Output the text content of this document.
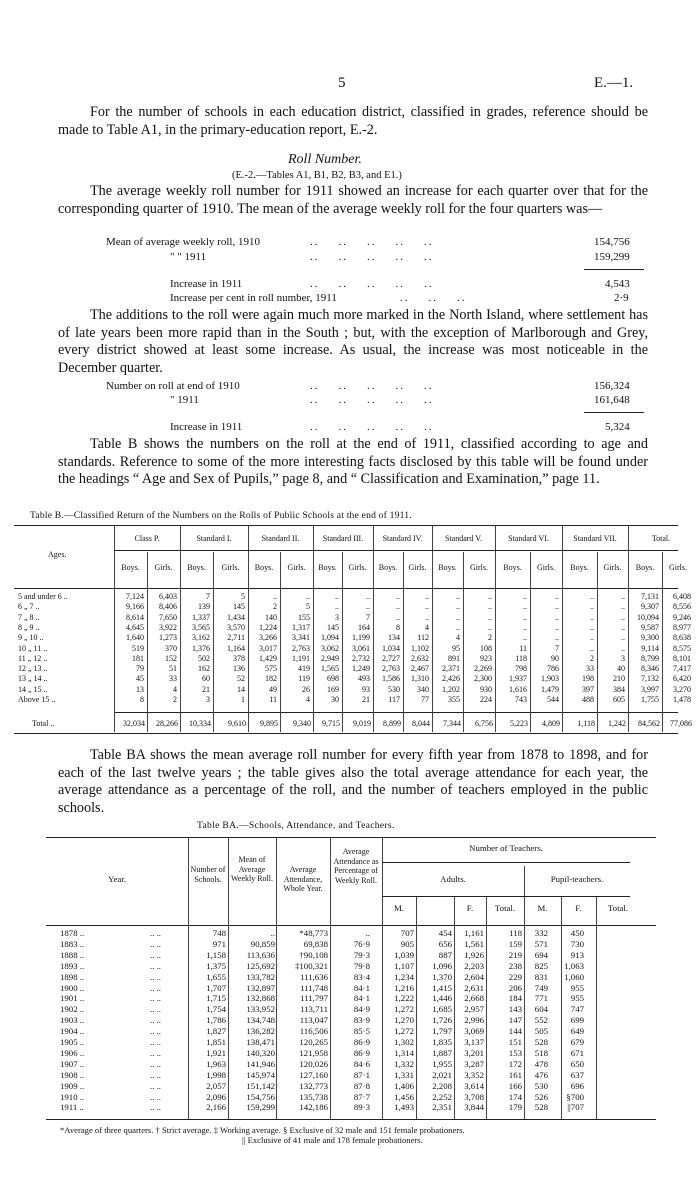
5	E.—1.
For the number of schools in each education district, classified in grades, reference should be made to Table A1, in the primary-education report, E.-2.
Roll Number.
(E.-2.—Tables A1, B1, B2, B3, and E1.)
The average weekly roll number for 1911 showed an increase for each quarter over that for the corresponding quarter of 1910. The mean of the average weekly roll for the four quarters was—
Mean of average weekly roll, 1910	..    ..    ..    ..    ..	154,756
" " 1911	..    ..    ..    ..    ..	159,299
Increase in 1911	..    ..    ..    ..    ..	4,543
Increase per cent in roll number, 1911	..    ..    ..	2·9
The additions to the roll were again much more marked in the North Island, where settlement has of late years been more rapid than in the South ; but, with the exception of Marlborough and Grey, every district showed at least some increase. As usual, the increase was most noticeable in the December quarter.
Number on roll at end of 1910	..    ..    ..    ..    ..	156,324
" 1911	..    ..    ..    ..    ..	161,648
Increase in 1911	..    ..    ..    ..    ..	5,324
Table B shows the numbers on the roll at the end of 1911, classified according to age and standards. Reference to some of the more interesting facts disclosed by this table will be found under the headings “ Age and Sex of Pupils,” page 8, and “ Classification and Examination,” page 11.
Table B.—Classified Return of the Numbers on the Rolls of Public Schools at the end of 1911.
Ages.
Table BA shows the mean average roll number for every fifth year from 1878 to 1898, and for each of the last twelve years ; the table gives also the total average attendance for each year, the average attendance as a percentage of the roll, and the number of teachers employed in the public schools.
Table BA.—Schools, Attendance, and Teachers.
*Average of three quarters. † Strict average. ‡ Working average. § Exclusive of 32 male and 151 female probationers.
|| Exclusive of 41 male and 178 female probationers.
Class P.	Standard I.	Standard II.	Standard III.	Standard IV.	Standard V.	Standard VI.	Standard VII.	Total.
Boys.	Girls.	Boys.	Girls.	Boys.	Girls.	Boys.	Girls.	Boys.	Girls.	Boys.	Girls.	Boys.	Girls.	Boys.	Girls.	Boys.	Girls.
5 and under 6 ..	7,124	6,403	7	5	..	..	..	..	..	..	..	..	..	..	..	..	7,131	6,408
6 „ 7 ..	9,166	8,406	139	145	2	5	..	..	..	..	..	..	..	..	..	..	9,307	8,556
7 „ 8 ..	8,614	7,650	1,337	1,434	140	155	3	7	..	..	..	..	..	..	..	..	10,094	9,246
8 „ 9 ..	4,645	3,922	3,565	3,570	1,224	1,317	145	164	8	4	..	..	..	..	..	..	9,587	8,977
9 „ 10 ..	1,640	1,273	3,162	2,711	3,266	3,341	1,094	1,199	134	112	4	2	..	..	..	..	9,300	8,638
10 „ 11 ..	519	370	1,376	1,164	3,017	2,763	3,062	3,061	1,034	1,102	95	108	11	7	..	..	9,114	8,575
11 „ 12 ..	181	152	502	378	1,429	1,191	2,949	2,732	2,727	2,632	891	923	118	90	2	3	8,799	8,101
12 „ 13 ..	79	51	162	136	575	419	1,565	1,249	2,763	2,467	2,371	2,269	798	786	33	40	8,346	7,417
13 „ 14 ..	45	33	60	52	182	119	698	493	1,586	1,310	2,426	2,300	1,937	1,903	198	210	7,132	6,420
14 „ 15 ..	13	4	21	14	49	26	169	93	530	340	1,202	930	1,616	1,479	397	384	3,997	3,270
Above 15 ..	8	2	3	1	11	4	30	21	117	77	355	224	743	544	488	605	1,755	1,478
Total ..	32,034	28,266	10,334	9,610	9,895	9,340	9,715	9,019	8,899	8,044	7,344	6,756	5,223	4,809	1,118	1,242	84,562	77,086
Year.
Number of Schools.
Mean of Average Weekly Roll.
Average Attendance, Whole Year.
Average Attendance as Percentage of Weekly Roll.
Number of Teachers.
Adults.	Pupil-teachers.
M.	F.	Total.	M.	F.	Total.
1878 ..	.. ..	748	..	*48,773	..	707	454	1,161	118	332	450
1883 ..	.. ..	971	90,859	69,838	76·9	905	656	1,561	159	571	730
1888 ..	.. ..	1,158	113,636	†90,108	79·3	1,039	887	1,926	219	694	913
1893 ..	.. ..	1,375	125,692	‡100,321	79·8	1,107	1,096	2,203	238	825	1,063
1898 ..	.. ..	1,655	133,782	111,636	83·4	1,234	1,370	2,604	229	831	1,060
1900 ..	.. ..	1,707	132,897	111,748	84·1	1,216	1,415	2,631	206	749	955
1901 ..	.. ..	1,715	132,868	111,797	84·1	1,222	1,446	2,668	184	771	955
1902 ..	.. ..	1,754	133,952	113,711	84·9	1,272	1,685	2,957	143	604	747
1903 ..	.. ..	1,786	134,748	113,047	83·9	1,270	1,726	2,996	147	552	699
1904 ..	.. ..	1,827	136,282	116,506	85·5	1,272	1,797	3,069	144	505	649
1905 ..	.. ..	1,851	138,471	120,265	86·9	1,302	1,835	3,137	151	528	679
1906 ..	.. ..	1,921	140,320	121,958	86·9	1,314	1,887	3,201	153	518	671
1907 ..	.. ..	1,963	141,946	120,026	84·6	1,332	1,955	3,287	172	478	650
1908 ..	.. ..	1,998	145,974	127,160	87·1	1,331	2,021	3,352	161	476	637
1909 ..	.. ..	2,057	151,142	132,773	87·8	1,406	2,208	3,614	166	530	696
1910 ..	.. ..	2,096	154,756	135,738	87·7	1,456	2,252	3,708	174	526	§700
1911 ..	.. ..	2,166	159,299	142,186	89·3	1,493	2,351	3,844	179	528	||707
